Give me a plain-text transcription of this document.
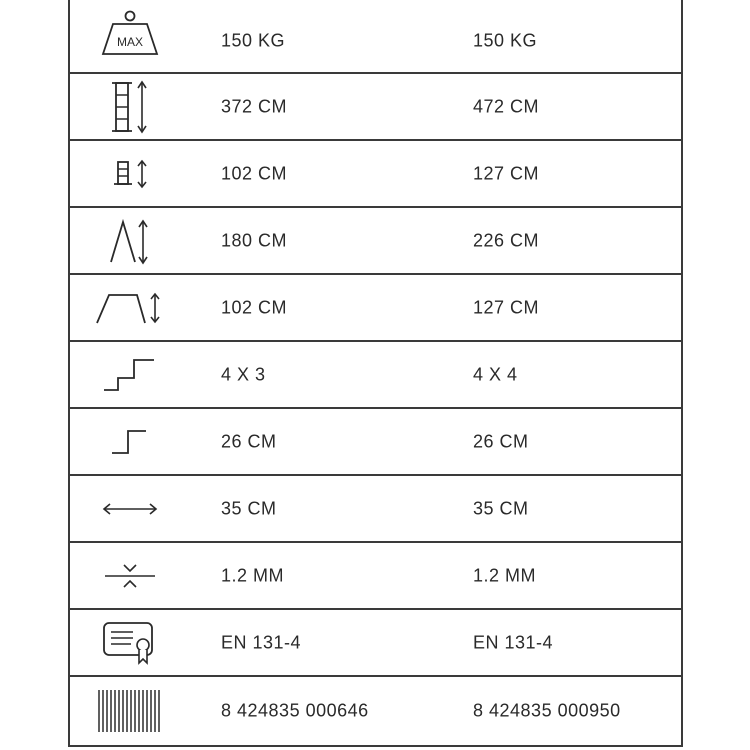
MAX	150 KG	150 KG
372 CM	472 CM
102 CM	127 CM
180 CM	226 CM
102 CM	127 CM
4 X 3	4 X 4
26 CM	26 CM
35 CM	35 CM
1.2 MM	1.2 MM
EN 131-4	EN 131-4
8 424835 000646	8 424835 000950
